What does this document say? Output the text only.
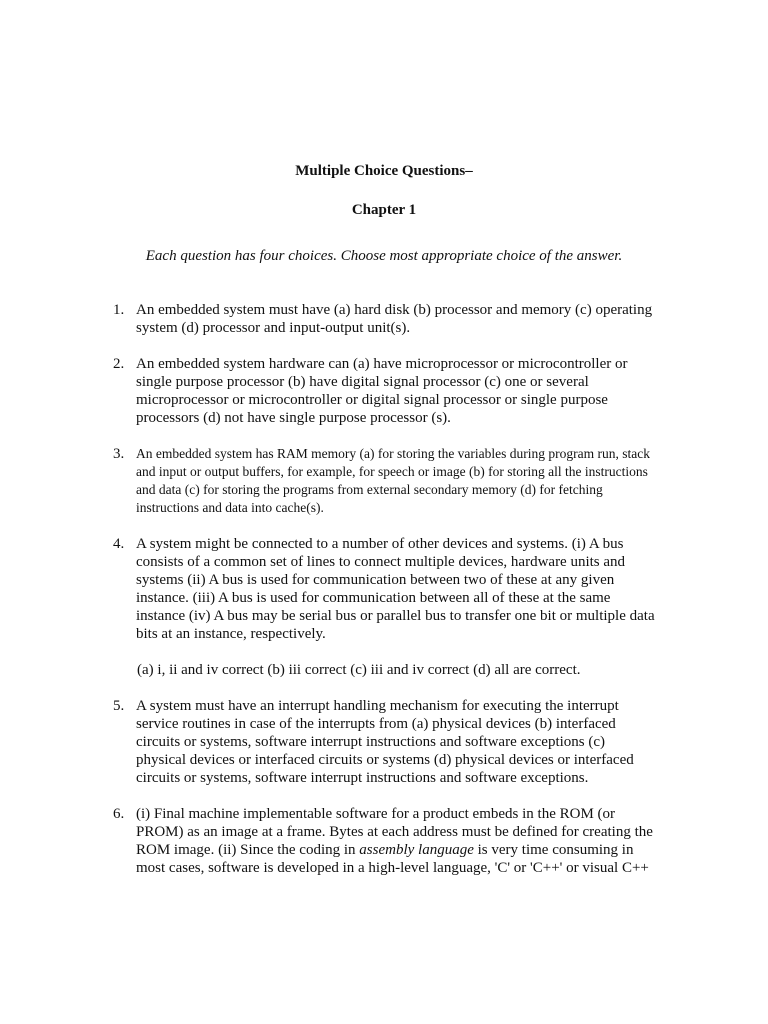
Multiple Choice Questions–
Chapter 1
Each question has four choices. Choose most appropriate choice of the answer.
1. An embedded system must have (a) hard disk (b) processor and memory (c) operating system (d) processor and input-output unit(s).
2. An embedded system hardware can (a) have microprocessor or microcontroller or single purpose processor (b) have digital signal processor (c) one or several microprocessor or microcontroller or digital signal processor or single purpose processors (d) not have single purpose processor (s).
3. An embedded system has RAM memory (a) for storing the variables during program run, stack and input or output buffers, for example, for speech or image (b) for storing all the instructions and data (c) for storing the programs from external secondary memory (d) for fetching instructions and data into cache(s).
4. A system might be connected to a number of other devices and systems. (i) A bus consists of a common set of lines to connect multiple devices, hardware units and systems (ii) A bus is used for communication between two of these at any given instance. (iii) A bus is used for communication between all of these at the same instance (iv) A bus may be serial bus or parallel bus to transfer one bit or multiple data bits at an instance, respectively.
(a) i, ii and iv correct (b) iii correct (c) iii and iv correct (d) all are correct.
5. A system must have an interrupt handling mechanism for executing the interrupt service routines in case of the interrupts from (a) physical devices (b) interfaced circuits or systems, software interrupt instructions and software exceptions (c) physical devices or interfaced circuits or systems (d) physical devices or interfaced circuits or systems, software interrupt instructions and software exceptions.
6. (i) Final machine implementable software for a product embeds in the ROM (or PROM) as an image at a frame. Bytes at each address must be defined for creating the ROM image. (ii) Since the coding in assembly language is very time consuming in most cases, software is developed in a high-level language, 'C' or 'C++' or visual C++
